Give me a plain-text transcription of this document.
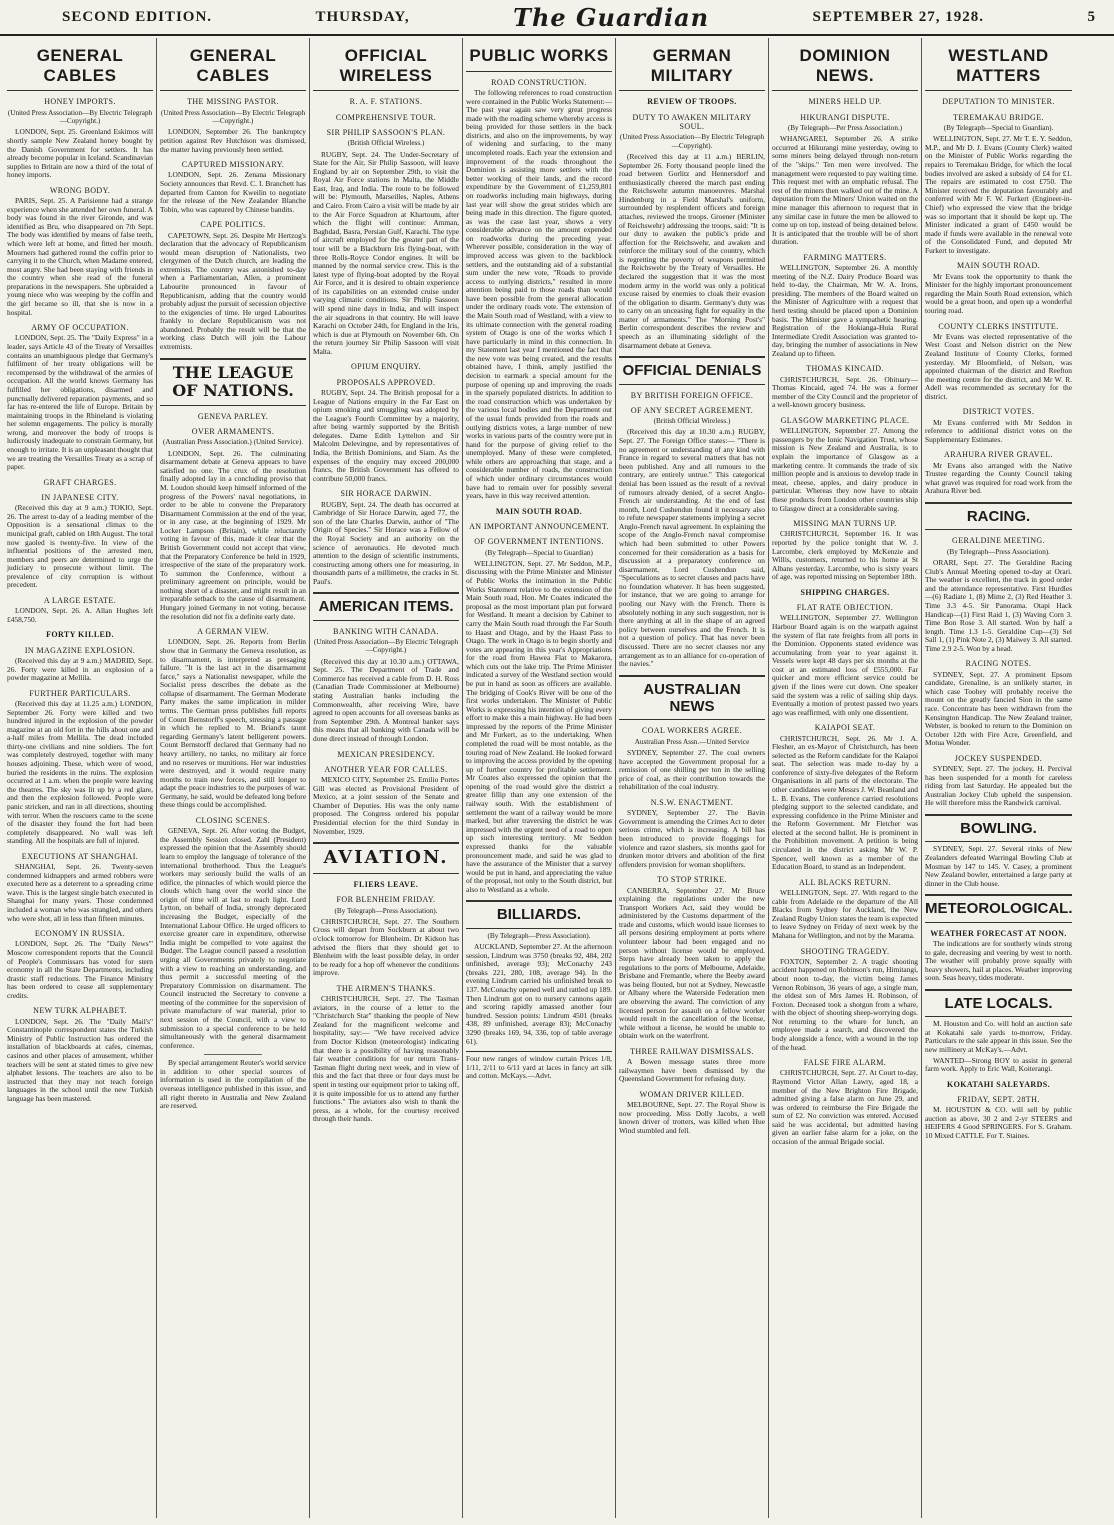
SECOND EDITION.	THURSDAY,	The Guardian	SEPTEMBER 27, 1928.	5
GENERAL CABLES
HONEY IMPORTS.
(United Press Association—By Electric Telegraph—Copyright.)

LONDON, Sept. 25. Greenland Eskimos will shortly sample New Zealand honey bought by the Danish Government for settlers. It has already become popular in Iceland. Scandinavian supplies to Britain are now a third of the total of honey imports.

WRONG BODY.

PARIS, Sept. 25. A Parisienne had a strange experience when she attended her own funeral. A body was found in the river Gironde, and was identified as Bru, who disappeared on 7th Sept. The body was identified by means of false teeth, which were left at home, and fitted her mouth. Mourners had gathered round the coffin prior to carrying it to the Church, when Madame entered, most angry. She had been staying with friends in the country when she read of the funeral preparations in the newspapers. She upbraided a young niece who was weeping by the coffin and the girl became so ill, that she is now in a hospital.

ARMY OF OCCUPATION.

LONDON, Sept. 25. The "Daily Express" in a leader, says Article 43 of the Treaty of Versailles contains an unambiguous pledge that Germany's fulfilment of her treaty obligations will be recompensed by the withdrawal of the armies of occupation. All the world knows Germany has fulfilled her obligations, disarmed and punctually delivered reparation payments, and so far has re-entered the life of Europe. Britain by maintaining troops in the Rhineland is violating her solemn engagements. The policy is morally wrong, and moreover the body of troops is ludicrously inadequate to constrain Germany, but enough to irritate. It is an unpleasant thought that we are treating the Versailles Treaty as a scrap of paper.

GRAFT CHARGES.
IN JAPANESE CITY.

(Received this day at 9 a.m.) TOKIO, Sept. 26. The arrest to-day of a leading member of the Opposition is a sensational climax to the municipal graft, cabled on 18th August. The total now gaoled is twenty-five. In view of the influential positions of the arrested men, members and peers are determined to urge the judiciary to prosecute without limit. The prevalence of city corruption is without precedent.

A LARGE ESTATE.

LONDON, Sept. 26. A. Allan Hughes left £458,750.

FORTY KILLED.
IN MAGAZINE EXPLOSION.

(Received this day at 9 a.m.) MADRID, Sept. 26. Forty were killed in an explosion of a powder magazine at Mellila.

FURTHER PARTICULARS.

(Received this day at 11.25 a.m.) LONDON, September 26. Forty were killed and two hundred injured in the explosion of the powder magazine at an old fort in the hills about one and a-half miles from Mellila. The dead included thirty-one civilians and nine soldiers. The fort was completely destroyed, together with many houses adjoining. These, which were of wood, buried the residents in the ruins. The explosion occurred at 1 a.m. when the people were leaving the theatres. The sky was lit up by a red glare, and then the explosion followed. People were panic stricken, and ran in all directions, shouting with terror. When the rescuers came to the scene of the disaster they found the fort had been completely disappeared. No wall was left standing. All the hospitals are full of injured.

EXECUTIONS AT SHANGHAI.

SHANGHAI, Sept. 26. Twenty-seven condemned kidnappers and armed robbers were executed here as a deterrent to a spreading crime wave. This is the largest single batch executed in Shanghai for many years. Those condemned included a woman who was strangled, and others who were shot, all in less than fifteen minutes.

ECONOMY IN RUSSIA.

LONDON, Sept. 26. The "Daily News'" Moscow correspondent reports that the Council of People's Commissars has voted for stern economy in all the State Departments, including drastic staff reductions. The Finance Ministry has been ordered to cease all supplementary credits.

NEW TURK ALPHABET.

LONDON, Sept. 26. The "Daily Mail's" Constantinople correspondent states the Turkish Ministry of Public Instruction has ordered the installation of blackboards at cafes, cinemas, casinos and other places of amusement, whither teachers will be sent at stated times to give new alphabet lessons. The teachers are also to be instructed that they may not teach foreign languages in the school until the new Turkish language has been mastered.

GENERAL CABLES
THE MISSING PASTOR.
(United Press Association—By Electric Telegraph—Copyright.)

LONDON, September 26. The bankruptcy petition against Rev Hutchison was dismissed, the matter having previously been settled.

CAPTURED MISSIONARY.

LONDON, Sept. 26. Zenana Missionary Society announces that Revd. C. I. Branchett has departed from Canton for Kweilin to negotiate for the release of the New Zealander Blanche Tobin, who was captured by Chinese bandits.

CAPE POLITICS.

CAPETOWN, Sept. 26. Despite Mr Hertzog's declaration that the advocacy of Republicanism would mean disruption of Nationalists, two clergymen of the Dutch church, are leading the extremists. The country was astonished to-day when a Parliamentarian, Allen, a prominent Labourite pronounced in favour of Republicanism, adding that the country would probably adjust the pursuit of secession objective to the exigencies of time. He urged Labourites frankly to declare Republicanism was not abandoned. Probably the result will be that the working class Dutch will join the Labour extremists.

THE LEAGUE OF NATIONS.
GENEVA PARLEY.
OVER ARMAMENTS.
(Australian Press Association.) (United Service).

LONDON, Sept. 26. The culminating disarmament debate at Geneva appears to have satisfied no one. The crux of the resolution finally adopted lay in a concluding proviso that M. Loudon should keep himself informed of the progress of the Powers' naval negotiations, in order to be able to convene the Preparatory Disarmament Commission at the end of the year, or in any case, at the beginning of 1929. Mr Locker Lampson (Britain), while reluctantly voting in favour of this, made it clear that the British Government could not accept that view, that the Preparatory Conference be held in 1929, irrespective of the state of the preparatory work. To summon the Conference, without a preliminary agreement on principle, would be nothing short of a disaster, and might result in an irreparable setback to the cause of disarmament. Hungary joined Germany in not voting, because the resolution did not fix a definite early date.

A GERMAN VIEW.

LONDON, Sept. 26. Reports from Berlin show that in Germany the Geneva resolution, as to disarmament, is interpreted as presaging failure. "It is the last act in the disarmament farce," says a Nationalist newspaper, while the Socialist press describes the debate as the collapse of disarmament. The German Moderate Party makes the same implication in milder terms. The German press publishes full reports of Count Bernstorff's speech, stressing a passage in which he replied to M. Briand's taunt regarding Germany's latent belligerent powers. Count Bernstorff declared that Germany had no heavy artillery, no tanks, no military air force and no reserves or munitions. Her war industries were destroyed, and it would require many months to train new forces, and still longer to adapt the peace industries to the purposes of war. Germany, he said, would be defeated long before these things could be accomplished.

CLOSING SCENES.

GENEVA, Sept. 26. After voting the Budget, the Assembly Session closed. Zahl (President) expressed the opinion that the Assembly should learn to employ the language of tolerance of the international brotherhood. Thus the League's workers may seriously build the walls of an edifice, the pinnacles of which would pierce the clouds which hang over the world since the origin of time will at last to reach light. Lord Lytton, on behalf of India, strongly deprecated increasing the Budget, especially of the International Labour Office. He urged officers to exercise greater care in expenditure, otherwise India might be compelled to vote against the Budget. The League council passed a resolution urging all Governments privately to negotiate with a view to reaching an understanding, and thus permit a successful meeting of the Preparatory Commission on disarmament. The Council instructed the Secretary to convene a meeting of the committee for the supervision of private manufacture of war material, prior to next session of the Council, with a view to submission to a special conference to be held simultaneously with the general disarmament conference.

By special arrangement Reuter's world service in addition to other special sources of information is used in the compilation of the overseas intelligence published in this issue, and all right thereto in Australia and New Zealand are reserved.

OFFICIAL WIRELESS
R. A. F. STATIONS.
COMPREHENSIVE TOUR.
SIR PHILIP SASSOON'S PLAN.
(British Official Wireless.)

RUGBY, Sept. 24. The Under-Secretary of State for the Air, Sir Philip Sassoon, will leave England by air on September 29th, to visit the Royal Air Force stations in Malta, the Middle East, Iraq, and India. The route to be followed will be: Plymouth, Marseilles, Naples, Athens and Cairo. From Cairo a visit will be made by air to the Air Force Squadron at Khartoum, after which the flight will continue: Amman, Baghdad, Basra, Persian Gulf, Karachi. The type of aircraft employed for the greater part of the tour will be a Blackburn Iris flying-boat, with three Rolls-Royce Condor engines. It will be manned by the normal service crew. This is the latest type of flying-boat adopted by the Royal Air Force, and it is desired to obtain experience of its capabilities on an extended cruise under varying climatic conditions. Sir Philip Sassoon will spend nine days in India, and will inspect the air squadrons in that country. He will leave Karachi on October 24th, for England in the Iris, which is due at Plymouth on November 6th. On the return journey Sir Philip Sassoon will visit Malta.

OPIUM ENQUIRY.
PROPOSALS APPROVED.

RUGBY, Sept. 24. The British proposal for a League of Nations enquiry in the Far East on opium smoking and smuggling was adopted by the League's Fourth Committee by a majority, after being warmly supported by the British delegates. Dame Edith Lyttelton and Sir Malcolm Delevingne, and by representatives of India, the British Dominions, and Siam. As the expenses of the enquiry may exceed 200,000 francs, the British Government has offered to contribute 50,000 francs.

SIR HORACE DARWIN.

RUGBY, Sept. 24. The death has occurred at Cambridge of Sir Horace Darwin, aged 77, the son of the late Charles Darwin, author of "The Origin of Species." Sir Horace was a Fellow of the Royal Society and an authority on the science of aeronautics. He devoted much attention to the design of scientific instruments, constructing among others one for measuring, in thousandth parts of a millimetre, the cracks in St. Paul's.

AMERICAN ITEMS.
BANKING WITH CANADA.
(United Press Association—By Electric Telegraph—Copyright.)

(Received this day at 10.30 a.m.) OTTAWA, Sept. 25. The Department of Trade and Commerce has received a cable from D. H. Ross (Canadian Trade Commissioner at Melbourne) stating Australian banks including the Commonwealth, after receiving Wire, have agreed to open accounts for all overseas banks as from September 29th. A Montreal banker says this means that all banking with Canada will be done direct instead of through London.

MEXICAN PRESIDENCY.
ANOTHER YEAR FOR CALLES.

MEXICO CITY, September 25. Emilio Portes Gill was elected as Provisional President of Mexico, at a joint session of the Senate and Chamber of Deputies. His was the only name proposed. The Congress ordered his popular Presidential election for the third Sunday in November, 1929.

AVIATION.
FLIERS LEAVE.
FOR BLENHEIM FRIDAY.
(By Telegraph—Press Association).

CHRISTCHURCH, Sept. 27. The Southern Cross will depart from Sockburn at about two o'clock tomorrow for Blenheim. Dr Kidson has advised the fliers that they should get to Blenheim with the least possible delay, in order to be ready for a hop off whenever the conditions improve.

THE AIRMEN'S THANKS.

CHRISTCHURCH, Sept. 27. The Tasman aviators, in the course of a letter to the "Christchurch Star" thanking the people of New Zealand for the magnificent welcome and hospitality, say:— "We have received advice from Doctor Kidson (meteorologist) indicating that there is a possibility of having reasonably fair weather conditions for our return Trans-Tasman flight during next week, and in view of this and the fact that three or four days must be spent in testing our equipment prior to taking off, it is quite impossible for us to attend any further functions." The aviators also wish to thank the press, as a whole, for the courtesy received through their hands.

PUBLIC WORKS
ROAD CONSTRUCTION.

The following references to road construction were contained in the Public Works Statement:— The past year again saw very great progress made with the roading scheme whereby access is being provided for those settlers in the back districts, and also on the improvements, by way of widening and surfacing, to the many uncompleted roads. Each year the extension and improvement of the roads throughout the Dominion is assisting more settlers with the better working of their lands, and the record expenditure by the Government of £1,259,801 on roadworks including main highways, during last year will show the great strides which are being made in this direction. The figure quoted, as was the case last year, shows a very considerable advance on the amount expended on roadworks during the preceding year. Wherever possible, consideration in the way of improved access was given to the backblock settlers, and the outstanding aid of a substantial sum under the new vote, "Roads to provide access to outlying districts," resulted in more attention being paid to those roads than would have been possible from the general allocation under the ordinary roads vote. The extension of the Main South road of Westland, with a view to its ultimate connection with the general roading system of Otago is one of the works which I have particularly in mind in this connection. In my Statement last year I mentioned the fact that the new vote was being created, and the results obtained have, I think, amply justified the decision to earmark a special amount for the purpose of opening up and improving the roads in the sparsely populated districts. In addition to the road construction which was undertaken by the various local bodies and the Department out of the usual funds provided from the roads and outlying districts votes, a large number of new works in various parts of the country were put in hand for the purpose of giving relief to the unemployed. Many of these were completed, while others are approaching that stage, and a considerable number of roads, the construction of which under ordinary circumstances would have had to remain over for possibly several years, have in this way received attention.

MAIN SOUTH ROAD.
AN IMPORTANT ANNOUNCEMENT.
OF GOVERNMENT INTENTIONS.
(By Telegraph—Special to Guardian)

WELLINGTON, Sept. 27. Mr Seddon, M.P., discussing with the Prime Minister and Minister of Public Works the intimation in the Public Works Statement relative to the extension of the Main South road, Hon. Mr Coates indicated the proposal as the most important plan put forward for Westland. It meant a decision by Cabinet to carry the Main South road through the Far South to Haast and Otago, and by the Haast Pass to Otago. The work in Otago is to begin shortly and votes are appearing in this year's Appropriations for the road from Hawea Flat to Makarora, which cuts out the lake trip. The Prime Minister indicated a survey of the Westland section would be put in hand as soon as officers are available. The bridging of Cook's River will be one of the first works undertaken. The Minister of Public Works is expressing his intention of giving every effort to make this a main highway. He had been impressed by the reports of the Prime Minister and Mr Furkert, as to the undertaking. When completed the road will be most notable, as the touring road of New Zealand. He looked forward to improving the access provided by the opening up of further country for profitable settlement. Mr Coates also expressed the opinion that the opening of the road would give the district a greater fillip than any one extension of the railway south. With the establishment of settlement the want of a railway would be more marked, but after traversing the district he was impressed with the urgent need of a road to open up such interesting territory. Mr Seddon expressed thanks for the valuable pronouncement made, and said he was glad to have the assurance of the Minister that a survey would be put in hand, and appreciating the value of the proposal, not only to the South district, but also to Westland as a whole.

BILLIARDS.
(By Telegraph—Press Association).

AUCKLAND, September 27. At the afternoon session, Lindrum was 3750 (breaks 92, 484, 202 unfinished, average 93); McConachy 243 (breaks 221, 280, 108, average 94). In the evening Lindrum carried his unfinished break to 137. McConachy opened well and rattled up 189. Then Lindrum got on to nursery cannons again and scoring rapidly amassed another four hundred. Session points: Lindrum 4501 (breaks 438, 89 unfinished, average 83); McConachy 3290 (breaks 169, 94, 336, top of table average 61).

Four new ranges of window curtain Prices 1/8, 1/11, 2/11 to 6/11 yard at laces in fancy art silk and cotton. McKays.—Advt.
GERMAN MILITARY
REVIEW OF TROOPS.
DUTY TO AWAKEN MILITARY SOUL.
(United Press Association—By Electric Telegraph—Copyright).

(Received this day at 11 a.m.) BERLIN, September 26. Forty thousand people lined the road between Gorlitz and Hennersdorf and enthusiastically cheered the march past ending the Reichswehr autumn manoeuvres. Marshal Hindenburg in a Field Marshal's uniform, surrounded by resplendent officers and foreign attaches, reviewed the troops. Groener (Minister of Reichswehr) addressing the troops, said: "It is our duty to awaken the public's pride and affection for the Reichswehr, and awaken and reinforce the military soul of the country, which is regretting the poverty of weapons permitted the Reichswehr by the Treaty of Versailles. He declared the suggestion that it was the most modern army in the world was only a political excuse raised by enemies to cloak their evasion of the obligation to disarm. Germany's duty was to carry on an unceasing fight for equality in the matter of armaments." The "Morning Post's" Berlin correspondent describes the review and speech as an illuminating sidelight of the disarmament debate at Geneva.

OFFICIAL DENIALS
BY BRITISH FOREIGN OFFICE.
OF ANY SECRET AGREEMENT.
(British Official Wireless.)

(Received this day at 10.30 a.m.) RUGBY, Sept. 27. The Foreign Office states:— "There is no agreement or understanding of any kind with France in regard to several matters that has not been published. Any and all rumours to the contrary, are entirely untrue." This categorical denial has been issued as the result of a revival of rumours already denied, of a secret Anglo-French air understanding. At the end of last month, Lord Cushendun found it necessary also to refute newspaper statements implying a secret Anglo-French naval agreement. In explaining the scope of the Anglo-French naval compromise which had been submitted to other Powers concerned for their consideration as a basis for discussion at a preparatory conference on disarmament, Lord Cushendun said, "Speculations as to secret clauses and pacts have no foundation whatever. It has been suggested, for instance, that we are going to arrange for pooling our Navy with the French. There is absolutely nothing in any such suggestion, nor is there anything at all in the shape of an agreed policy between ourselves and the French. It is not a question of policy. That has never been discussed. There are no secret clauses nor any arrangement as to an alliance for co-operation of the navies."

AUSTRALIAN NEWS
COAL WORKERS AGREE.
Australian Press Assn.—United Service

SYDNEY, September 27. The coal owners have accepted the Government proposal for a remission of one shilling per ton in the selling price of coal, as their contribution towards the rehabilitation of the coal industry.

N.S.W. ENACTMENT.

SYDNEY, September 27. The Bavin Government is amending the Crimes Act to deter serious crime, which is increasing. A bill has been introduced to provide floggings for violence and razor slashers, six months gaol for drunken motor drivers and abolition of the first offenders provision for woman shoplifters.

TO STOP STRIKE.

CANBERRA, September 27. Mr Bruce explaining the regulations under the new Transport Workers Act, said they would be administered by the Customs department of the trade and customs, which would issue licenses to all persons desiring employment at ports where volunteer labour had been engaged and no person without license would be employed. Steps have already been taken to apply the regulations to the ports of Melbourne, Adelaide, Brisbane and Fremantle, where the Beeby award was being flouted, but not at Sydney, Newcastle or Albany where the Waterside Federation men are observing the award. The conviction of any licensed person for assault on a fellow worker would result in the cancellation of the license, while without a license, he would be unable to obtain work on the waterfront.

THREE RAILWAY DISMISSALS.

A Bowen message states three more railwaymen have been dismissed by the Queensland Government for refusing duty.

WOMAN DRIVER KILLED.

MELBOURNE, Sept. 27. The Royal Show is now proceeding. Miss Dolly Jacobs, a well known driver of trotters, was killed when Hue Wind stumbled and fell.

DOMINION NEWS.
MINERS HELD UP.
HIKURANGI DISPUTE.
(By Telegraph—Per Press Association.)

WHANGAREI, September 26. A strike occurred at Hikurangi mine yesterday, owing to some miners being delayed through non-return of the "skips." Ten men were involved. The management were requested to pay waiting time. This request met with an emphatic refusal. The rest of the miners then walked out of the mine. A deputation from the Miners' Union waited on the mine manager this afternoon to request that in any similar case in future the men be allowed to come up on top, instead of being detained below. It is anticipated that the trouble will be of short duration.

FARMING MATTERS.

WELLINGTON, September 26. A monthly meeting of the N.Z. Dairy Produce Board was held to-day, the Chairman, Mr W. A. Irons, presiding. The members of the Board waited on the Minister of Agriculture with a request that herd testing should be placed upon a Dominion basis. The Minister gave a sympathetic hearing. Registration of the Hokianga-Huia Rural Intermediate Credit Association was granted to-day, bringing the number of associations in New Zealand up to fifteen.

THOMAS KINCAID.

CHRISTCHURCH, Sept. 26. Obituary—Thomas Kincaid, aged 74. He was a former member of the City Council and the proprietor of a well-known grocery business.

GLASGOW MARKETING PLACE.

WELLINGTON, September 27. Among the passengers by the Ionic Navigation Trust, whose mission is New Zealand and Australia, is to explain the importance of Glasgow as a marketing centre. It commands the trade of six million people and is anxious to develop trade in meat, cheese, apples, and dairy produce in particular. Whereas they now have to obtain these products from London other countries ship to Glasgow direct at a considerable saving.

MISSING MAN TURNS UP.

CHRISTCHURCH, September 16. It was reported by the police tonight that W. J. Larcombe, clerk employed by McKenzie and Willis, customers, returned to his home at St Albans yesterday. Larcombe, who is sixty years of age, was reported missing on September 18th.

SHIPPING CHARGES.
FLAT RATE OBJECTION.

WELLINGTON, September 27. Wellington Harbour Board again is on the warpath against the system of flat rate freights from all ports in the Dominion. Opponents stated evidence was accumulating from year to year against it. Vessels were kept 48 days per six months at the cost at an estimated loss of £555,000. Far quicker and more efficient service could be given if the lines were cut down. One speaker said the system was a relic of sailing ship days. Eventually a motion of protest passed two years ago was reaffirmed, with only one dissentient.

KAIAPOI SEAT.

CHRISTCHURCH, Sept. 26. Mr J. A. Flesher, an ex-Mayor of Christchurch, has been selected as the Reform candidate for the Kaiapoi seat. The selection was made to-day by a conference of sixty-five delegates of the Reform Organisations in all parts of the electorate. The other candidates were Messrs J. W. Beanland and L. B. Evans. The conference carried resolutions pledging support to the selected candidate, and expressing confidence in the Prime Minister and the Reform Government. Mr Fletcher was elected at the second ballot. He is prominent in the Prohibition movement. A petition is being circulated in the district asking Mr W. P. Spencer, well known as a member of the Education Board, to stand as an Independent.

ALL BLACKS RETURN.

WELLINGTON, Sept. 27. With regard to the cable from Adelaide re the departure of the All Blacks from Sydney for Auckland, the New Zealand Rugby Union states the team is expected to leave Sydney on Friday of next week by the Mahana for Wellington, and not by the Marama.

SHOOTING TRAGEDY.

FOXTON, September 2. A tragic shooting accident happened on Robinson's run, Himitangi, about noon to-day, the victim being James Vernon Robinson, 36 years of age, a single man, the eldest son of Mrs James H. Robinson, of Foxton. Deceased took a shotgun from a whare, with the object of shooting sheep-worrying dogs. Not returning to the whare for lunch, an employee made a search, and discovered the body alongside a fence, with a wound in the top of the head.

FALSE FIRE ALARM.

CHRISTCHURCH, Sept. 27. At Court to-day, Raymond Victor Allan Lawry, aged 18, a member of the New Brighton Fire Brigade, admitted giving a false alarm on June 29, and was ordered to reimburse the Fire Brigade the sum of £2. No conviction was entered. Accused said he was accidental, but admitted having given an earlier false alarm for a joke, on the occasion of the annual Brigade social.

WESTLAND MATTERS
DEPUTATION TO MINISTER.
TEREMAKAU BRIDGE.
(By Telegraph—Special to Guardian).

WELLINGTON, Sept. 27. Mr T. E. Y. Seddon, M.P., and Mr D. J. Evans (County Clerk) waited on the Minister of Public Works regarding the repairs to Teremakau Bridge, for which the local bodies involved are asked a subsidy of £4 for £1. The repairs are estimated to cost £750. The Minister received the deputation favourably and conferred with Mr F. W. Furkert (Engineer-in-Chief) who expressed the view that the bridge was so important that it should be kept up. The Minister indicated a grant of £450 would be made if funds were available in the renewal vote of the Consolidated Fund, and deputed Mr Furkert to investigate.

MAIN SOUTH ROAD.

Mr Evans took the opportunity to thank the Minister for the highly important pronouncement regarding the Main South Road extension, which would be a great boon, and open up a wonderful touring road.

COUNTY CLERKS INSTITUTE.

Mr Evans was elected representative of the West Coast and Nelson district on the New Zealand Institute of County Clerks, formed yesterday. Mr Bloomfield, of Nelson, was appointed chairman of the district and Reefton the meeting centre for the district, and Mr W. R. Adell was recommended as secretary for the district.

DISTRICT VOTES.

Mr Evans conferred with Mr Seddon in reference to additional district votes on the Supplementary Estimates.

ARAHURA RIVER GRAVEL.

Mr Evans also arranged with the Native Trustee regarding the County Council taking what gravel was required for road work from the Arahura River bed.

RACING.
GERALDINE MEETING.
(By Telegraph—Press Association).

ORARI, Sept. 27. The Geraldine Racing Club's Annual Meeting opened to-day at Orari. The weather is excellent, the track in good order and the attendance representative. First Hurdles—(6) Radiate 1, (8) Mime 2, (3) Red Heather 3. Time 3.3 4-5. Sir Panorama. Otapi Hack Handicap—(1) First Raid 1, (3) Waving Corn 3. Time Bon Rose 3. All started. Won by half a length. Time 1.3 1-5. Geraldine Cup—(3) Sel Sall 1, (1) Pink Note 2, (3) Maiwey 3. All started. Time 2.9 2-5. Won by a head.

RACING NOTES.

SYDNEY, Sept. 27. A prominent Epsom candidate, Grenaline, is an unlikely starter, in which case Toohey will probably receive the mount on the greatly fancied Sion in the same race. Concentrate has been withdrawn from the Kensington Handicap. The New Zealand trainer, Webster, is booked to return to the Dominion on October 12th with Fire Acre, Greenfield, and Motua Wonder.

JOCKEY SUSPENDED.

SYDNEY, Sept. 27. The jockey, H. Percival has been suspended for a month for careless riding from last Saturday. He appealed but the Australian Jockey Club upheld the suspension. He will therefore miss the Randwick carnival.

BOWLING.

SYDNEY, Sept. 27. Several rinks of New Zealanders defeated Warringal Bowling Club at Mosman by 147 to 145. V. Casey, a prominent New Zealand bowler, entertained a large party at dinner in the Club house.

METEOROLOGICAL.
WEATHER FORECAST AT NOON.

The indications are for southerly winds strong to gale, decreasing and veering by west to north. The weather will probably prove squally with heavy showers, hail at places. Weather improving soon. Seas heavy, tides moderate.

LATE LOCALS.

M. Houston and Co. will hold an auction sale at Kokatahi sale yards to-morrow, Friday. Particulars re the sale appear in this issue. See the new millinery at McKay's.—Advt.

WANTED—Strong BOY to assist in general farm work. Apply to Eric Wall, Koiterangi.

KOKATAHI SALEYARDS.
FRIDAY, SEPT. 28TH.

M. HOUSTON & CO. will sell by public auction as above, 30 2 and 2-yr STEERS and HEIFERS 4 Good SPRINGERS. For S. Graham. 10 Mixed CATTLE. For T. Staines.
